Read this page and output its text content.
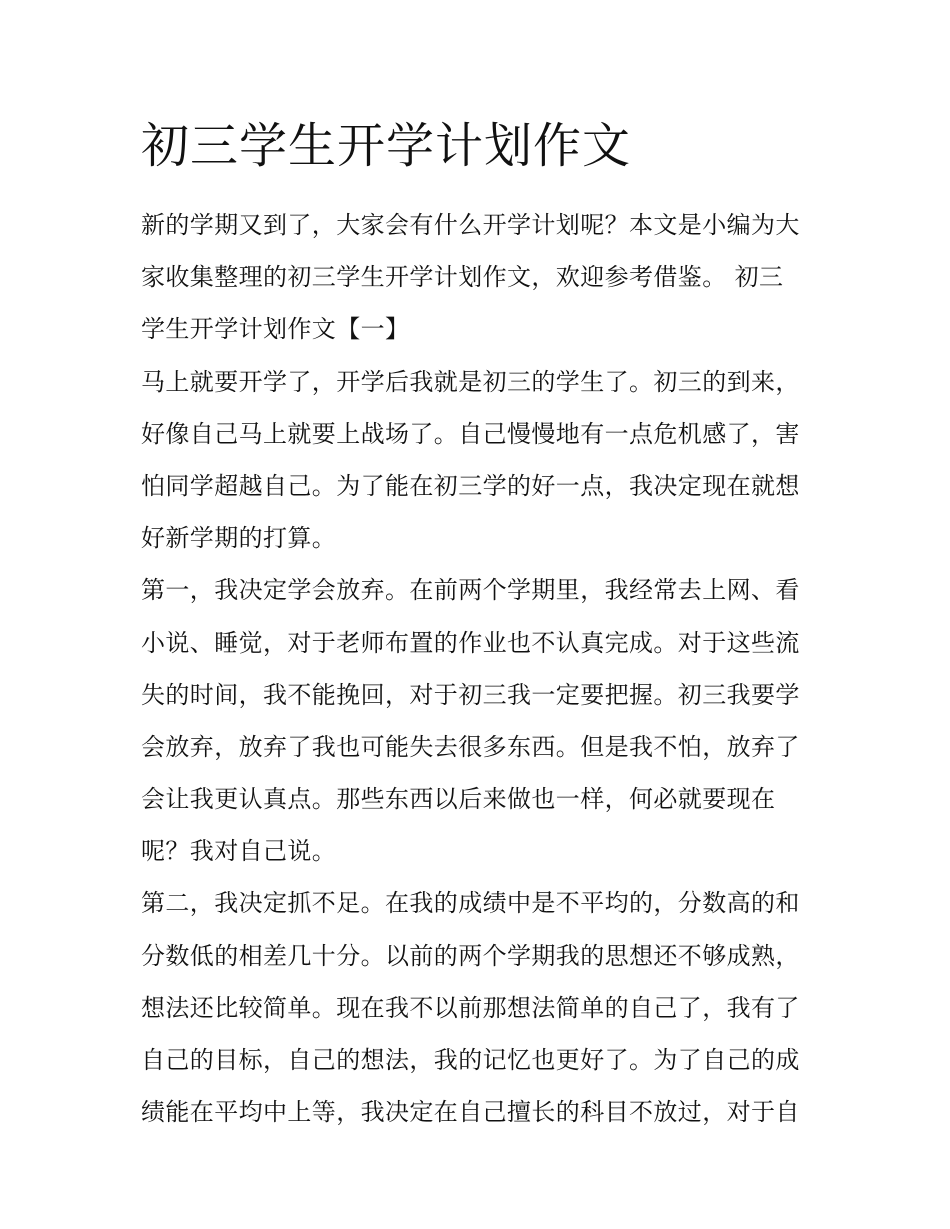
初三学生开学计划作文
新的学期又到了，大家会有什么开学计划呢？本文是小编为大
家收集整理的初三学生开学计划作文，欢迎参考借鉴。 初三
学生开学计划作文【一】
马上就要开学了，开学后我就是初三的学生了。初三的到来，
好像自己马上就要上战场了。自己慢慢地有一点危机感了，害
怕同学超越自己。为了能在初三学的好一点，我决定现在就想
好新学期的打算。
第一，我决定学会放弃。在前两个学期里，我经常去上网、看
小说、睡觉，对于老师布置的作业也不认真完成。对于这些流
失的时间，我不能挽回，对于初三我一定要把握。初三我要学
会放弃，放弃了我也可能失去很多东西。但是我不怕，放弃了
会让我更认真点。那些东西以后来做也一样，何必就要现在
呢？我对自己说。
第二，我决定抓不足。在我的成绩中是不平均的，分数高的和
分数低的相差几十分。以前的两个学期我的思想还不够成熟，
想法还比较简单。现在我不以前那想法简单的自己了，我有了
自己的目标，自己的想法，我的记忆也更好了。为了自己的成
绩能在平均中上等，我决定在自己擅长的科目不放过，对于自
